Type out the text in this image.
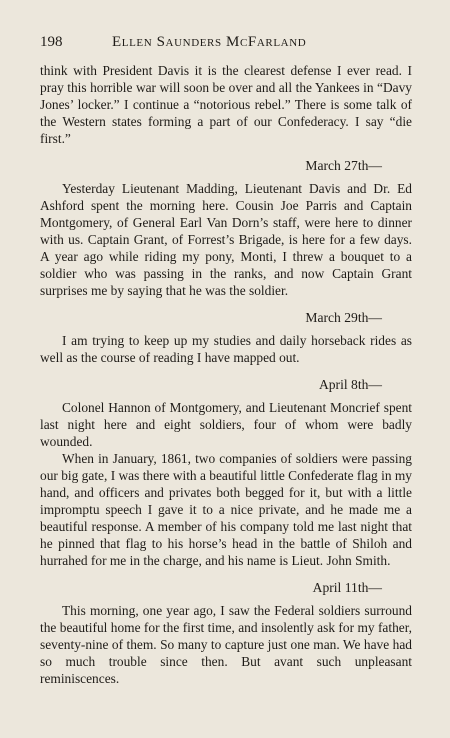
198	Ellen Saunders McFarland

think with President Davis it is the clearest defense I ever read. I pray this horrible war will soon be over and all the Yankees in “Davy Jones’ locker.” I continue a “notorious rebel.” There is some talk of the Western states forming a part of our Confederacy. I say “die first.”

March 27th—

Yesterday Lieutenant Madding, Lieutenant Davis and Dr. Ed Ashford spent the morning here. Cousin Joe Parris and Captain Montgomery, of General Earl Van Dorn’s staff, were here to dinner with us. Captain Grant, of Forrest’s Brigade, is here for a few days. A year ago while riding my pony, Monti, I threw a bouquet to a soldier who was passing in the ranks, and now Captain Grant surprises me by saying that he was the soldier.

March 29th—

I am trying to keep up my studies and daily horseback rides as well as the course of reading I have mapped out.

April 8th—

Colonel Hannon of Montgomery, and Lieutenant Moncrief spent last night here and eight soldiers, four of whom were badly wounded.

When in January, 1861, two companies of soldiers were passing our big gate, I was there with a beautiful little Confederate flag in my hand, and officers and privates both begged for it, but with a little impromptu speech I gave it to a nice private, and he made me a beautiful response. A member of his company told me last night that he pinned that flag to his horse’s head in the battle of Shiloh and hurrahed for me in the charge, and his name is Lieut. John Smith.

April 11th—

This morning, one year ago, I saw the Federal soldiers surround the beautiful home for the first time, and insolently ask for my father, seventy-nine of them. So many to capture just one man. We have had so much trouble since then. But avant such unpleasant reminiscences.
